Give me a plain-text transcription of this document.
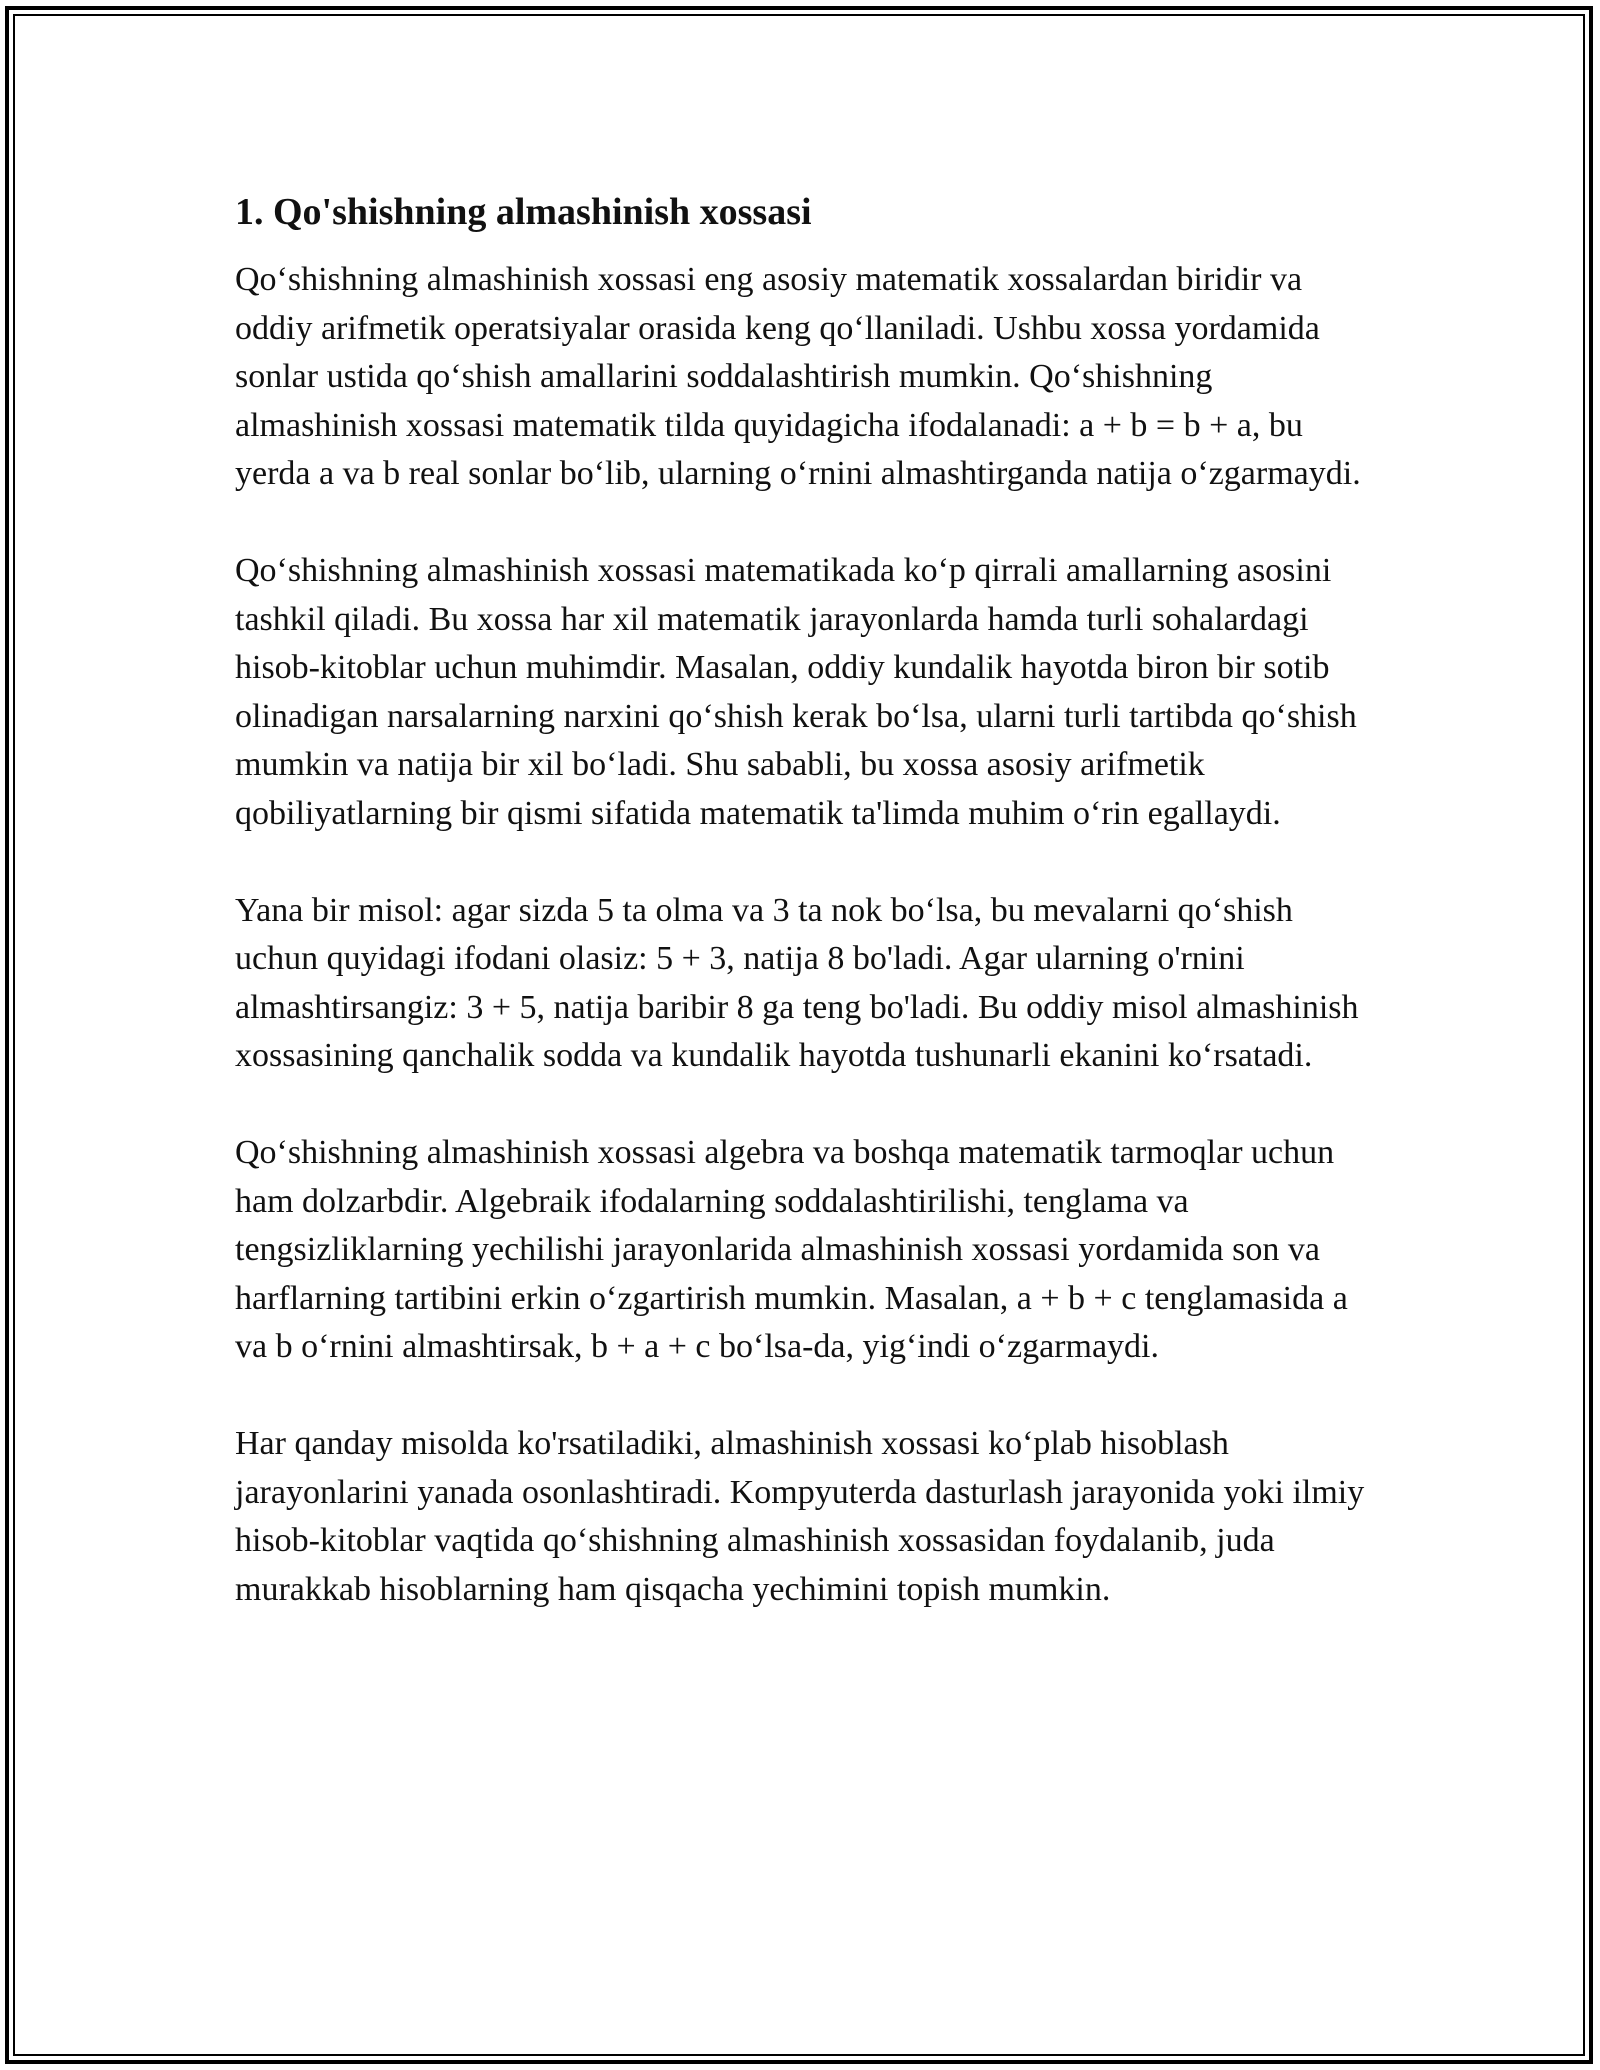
1. Qo'shishning almashinish xossasi

Qo‘shishning almashinish xossasi eng asosiy matematik xossalardan biridir va oddiy arifmetik operatsiyalar orasida keng qo‘llaniladi. Ushbu xossa yordamida sonlar ustida qo‘shish amallarini soddalashtirish mumkin. Qo‘shishning almashinish xossasi matematik tilda quyidagicha ifodalanadi: a + b = b + a, bu yerda a va b real sonlar bo‘lib, ularning o‘rnini almashtirganda natija o‘zgarmaydi.

Qo‘shishning almashinish xossasi matematikada ko‘p qirrali amallarning asosini tashkil qiladi. Bu xossa har xil matematik jarayonlarda hamda turli sohalardagi hisob-kitoblar uchun muhimdir. Masalan, oddiy kundalik hayotda biron bir sotib olinadigan narsalarning narxini qo‘shish kerak bo‘lsa, ularni turli tartibda qo‘shish mumkin va natija bir xil bo‘ladi. Shu sababli, bu xossa asosiy arifmetik qobiliyatlarning bir qismi sifatida matematik ta'limda muhim o‘rin egallaydi.

Yana bir misol: agar sizda 5 ta olma va 3 ta nok bo‘lsa, bu mevalarni qo‘shish uchun quyidagi ifodani olasiz: 5 + 3, natija 8 bo'ladi. Agar ularning o'rnini almashtirsangiz: 3 + 5, natija baribir 8 ga teng bo'ladi. Bu oddiy misol almashinish xossasining qanchalik sodda va kundalik hayotda tushunarli ekanini ko‘rsatadi.

Qo‘shishning almashinish xossasi algebra va boshqa matematik tarmoqlar uchun ham dolzarbdir. Algebraik ifodalarning soddalashtirilishi, tenglama va tengsizliklarning yechilishi jarayonlarida almashinish xossasi yordamida son va harflarning tartibini erkin o‘zgartirish mumkin. Masalan, a + b + c tenglamasida a va b o‘rnini almashtirsak, b + a + c bo‘lsa-da, yig‘indi o‘zgarmaydi.

Har qanday misolda ko'rsatiladiki, almashinish xossasi ko‘plab hisoblash jarayonlarini yanada osonlashtiradi. Kompyuterda dasturlash jarayonida yoki ilmiy hisob-kitoblar vaqtida qo‘shishning almashinish xossasidan foydalanib, juda murakkab hisoblarning ham qisqacha yechimini topish mumkin.
